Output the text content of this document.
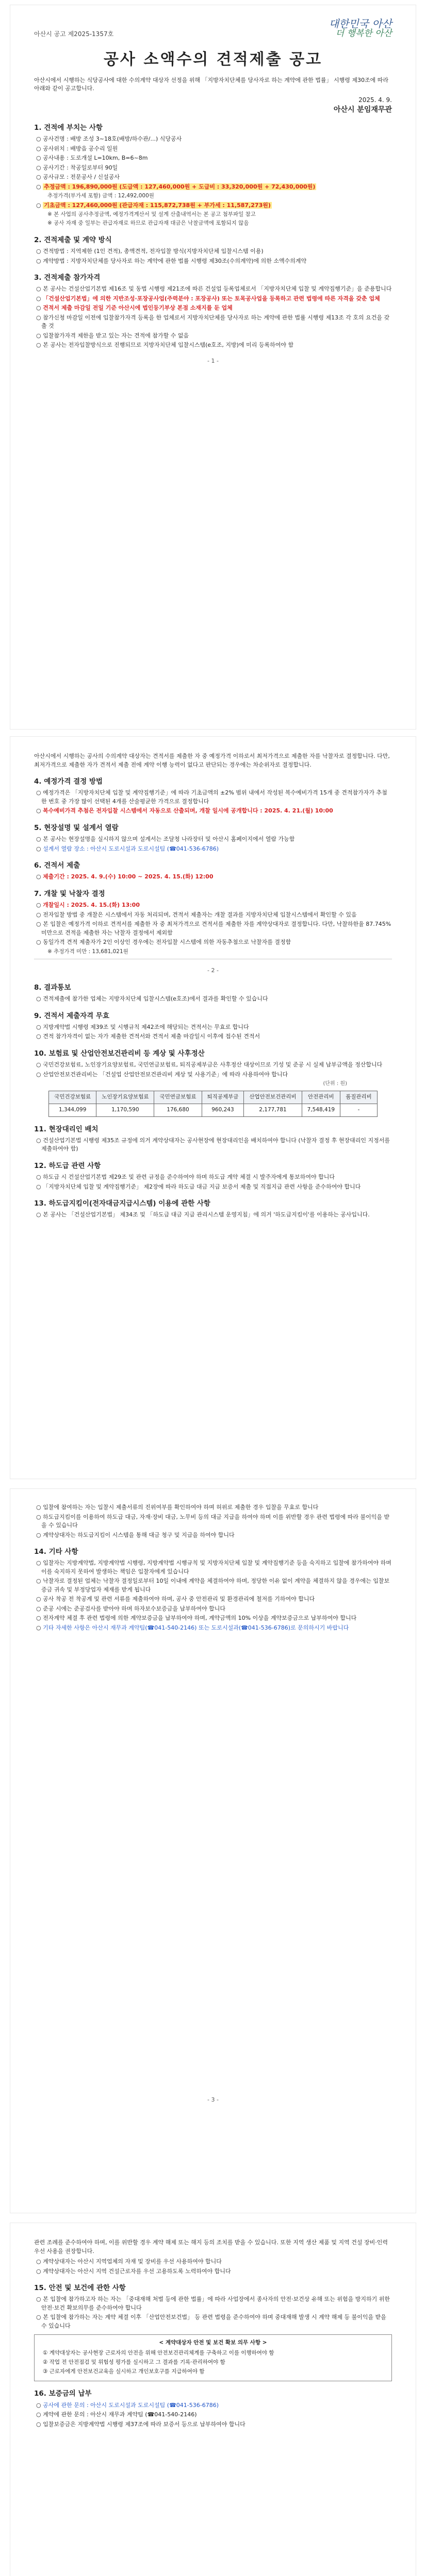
아산시 공고 제2025-1357호
대한민국 아산
더 행복한 아산
공사 소액수의 견적제출 공고
아산시에서 시행하는 식당공사에 대한 수의계약 대상자 선정을 위해 「지방자치단체를 당사자로 하는 계약에 관한 법률」 시행령 제30조에 따라 아래와 같이 공고합니다.
2025. 4. 9.
아산시 분임재무관
1. 견적에 부치는 사항
○ 공사건명 : 배방 조성 3~18호(배방/하수관/...) 식당공사
○ 공사위치 : 배방읍 공수리 일원
○ 공사내용 : 도로개설 L=10km, B=6~8m
○ 공사기간 : 착공일로부터 90일
○ 공사규모 : 전문공사 / 신설공사
○ 추정금액 : 196,890,000원 (도급액 : 127,460,000원 + 도급비 : 33,320,000원 + 72,430,000원)
추정가격(부가세 포함) 금액 : 12,492,000원
○ 기초금액 : 127,460,000원 (관급자재 : 115,872,738원 + 부가세 : 11,587,273원)
※ 본 사업의 공사추정금액, 예정가격계산서 및 설계 산출내역서는 본 공고 첨부파일 참고
※ 공사 자재 중 일부는 관급자재로 하므로 관급자재 대금은 낙찰금액에 포함되지 않음
2. 견적제출 및 계약 방식
○ 견적방법 : 지역제한 (1인 견적), 총액견적, 전자입찰 방식(지방자치단체 입찰시스템 이용)
○ 계약방법 : 지방자치단체를 당사자로 하는 계약에 관한 법률 시행령 제30조(수의계약)에 의한 소액수의계약
3. 견적제출 참가자격
○ 본 공사는 건설산업기본법 제16조 및 동법 시행령 제21조에 따른 건설업 등록업체로서 「지방자치단체 입찰 및 계약집행기준」을 준용합니다
○ 「건설산업기본법」에 의한 지반조성·포장공사업(주력분야 : 포장공사) 또는 토목공사업을 등록하고 관련 법령에 따른 자격을 갖춘 업체
○ 견적서 제출 마감일 전일 기준 아산시에 법인등기부상 본점 소재지를 둔 업체
○ 참가신청 마감일 이전에 입찰참가자격 등록을 한 업체로서 지방자치단체를 당사자로 하는 계약에 관한 법률 시행령 제13조 각 호의 요건을 갖출 것
○ 입찰참가자격 제한을 받고 있는 자는 견적에 참가할 수 없음
○ 본 공사는 전자입찰방식으로 진행되므로 지방자치단체 입찰시스템(e호조, 지방)에 미리 등록하여야 함
- 1 -
아산시에서 시행하는 공사의 수의계약 대상자는 견적서를 제출한 자 중 예정가격 이하로서 최저가격으로 제출한 자를 낙찰자로 결정합니다. 다만, 최저가격으로 제출한 자가 견적서 제출 전에 계약 이행 능력이 없다고 판단되는 경우에는 차순위자로 결정합니다.
4. 예정가격 결정 방법
○ 예정가격은 「지방자치단체 입찰 및 계약집행기준」에 따라 기초금액의 ±2% 범위 내에서 작성된 복수예비가격 15개 중 견적참가자가 추첨한 번호 중 가장 많이 선택된 4개를 산술평균한 가격으로 결정합니다
○ 복수예비가격 추첨은 전자입찰 시스템에서 자동으로 산출되며, 개찰 일시에 공개합니다 : 2025. 4. 21.(월) 10:00
5. 현장설명 및 설계서 열람
○ 본 공사는 현장설명을 실시하지 않으며 설계서는 조달청 나라장터 및 아산시 홈페이지에서 열람 가능함
○ 설계서 열람 장소 : 아산시 도로시설과 도로시설팀 (☎041-536-6786)
6. 견적서 제출
○ 제출기간 : 2025. 4. 9.(수) 10:00 ~ 2025. 4. 15.(화) 12:00
7. 개찰 및 낙찰자 결정
○ 개찰일시 : 2025. 4. 15.(화) 13:00
○ 전자입찰 방법 중 개찰은 시스템에서 자동 처리되며, 견적서 제출자는 개찰 결과를 지방자치단체 입찰시스템에서 확인할 수 있음
○ 본 입찰은 예정가격 이하로 견적서를 제출한 자 중 최저가격으로 견적서를 제출한 자를 계약상대자로 결정합니다. 다만, 낙찰하한율 87.745% 미만으로 견적을 제출한 자는 낙찰자 결정에서 제외함
○ 동일가격 견적 제출자가 2인 이상인 경우에는 전자입찰 시스템에 의한 자동추첨으로 낙찰자를 결정함
※ 추정가격 미만 : 13,681,021원
- 2 -
8. 결과통보
○ 견적제출에 참가한 업체는 지방자치단체 입찰시스템(e호조)에서 결과를 확인할 수 있습니다
9. 견적서 제출자격 무효
○ 지방계약법 시행령 제39조 및 시행규칙 제42조에 해당되는 견적서는 무효로 합니다
○ 견적 참가자격이 없는 자가 제출한 견적서와 견적서 제출 마감일시 이후에 접수된 견적서
10. 보험료 및 산업안전보건관리비 등 계상 및 사후정산
○ 국민건강보험료, 노인장기요양보험료, 국민연금보험료, 퇴직공제부금은 사후정산 대상이므로 기성 및 준공 시 실제 납부금액을 정산합니다
○ 산업안전보건관리비는 「건설업 산업안전보건관리비 계상 및 사용기준」에 따라 사용하여야 합니다
(단위 : 원)
국민건강보험료	노인장기요양보험료	국민연금보험료	퇴직공제부금	산업안전보건관리비	안전관리비	품질관리비
1,344,099	1,170,590	176,680	960,243	2,177,781	7,548,419	-
11. 현장대리인 배치
○ 건설산업기본법 시행령 제35조 규정에 의거 계약상대자는 공사현장에 현장대리인을 배치하여야 합니다 (낙찰자 결정 후 현장대리인 지정서를 제출하여야 함)
12. 하도급 관련 사항
○ 하도급 시 건설산업기본법 제29조 및 관련 규정을 준수하여야 하며 하도급 계약 체결 시 발주자에게 통보하여야 합니다
○ 「지방자치단체 입찰 및 계약집행기준」 제2장에 따라 하도급 대금 지급 보증서 제출 및 직접지급 관련 사항을 준수하여야 합니다
13. 하도급지킴이(전자대금지급시스템) 이용에 관한 사항
○ 본 공사는 「건설산업기본법」 제34조 및 「하도급 대금 지급 관리시스템 운영지침」에 의거 '하도급지킴이'를 이용하는 공사입니다.
○ 입찰에 참여하는 자는 입찰시 제출서류의 진위여부를 확인하여야 하며 허위로 제출한 경우 입찰을 무효로 합니다
○ 하도급지킴이를 이용하여 하도급 대금, 자재·장비 대금, 노무비 등의 대금 지급을 하여야 하며 이를 위반할 경우 관련 법령에 따라 불이익을 받을 수 있습니다
○ 계약상대자는 하도급지킴이 시스템을 통해 대금 청구 및 지급을 하여야 합니다
14. 기타 사항
○ 입찰자는 지방계약법, 지방계약법 시행령, 지방계약법 시행규칙 및 지방자치단체 입찰 및 계약집행기준 등을 숙지하고 입찰에 참가하여야 하며 이를 숙지하지 못하여 발생하는 책임은 입찰자에게 있습니다
○ 낙찰자로 결정된 업체는 낙찰자 결정일로부터 10일 이내에 계약을 체결하여야 하며, 정당한 이유 없이 계약을 체결하지 않을 경우에는 입찰보증금 귀속 및 부정당업자 제재를 받게 됩니다
○ 공사 착공 전 착공계 및 관련 서류를 제출하여야 하며, 공사 중 안전관리 및 환경관리에 철저를 기하여야 합니다
○ 준공 시에는 준공검사를 받아야 하며 하자보수보증금을 납부하여야 합니다
○ 전자계약 체결 후 관련 법령에 의한 계약보증금을 납부하여야 하며, 계약금액의 10% 이상을 계약보증금으로 납부하여야 합니다
○ 기타 자세한 사항은 아산시 재무과 계약팀(☎041-540-2146) 또는 도로시설과(☎041-536-6786)로 문의하시기 바랍니다
- 3 -
관련 조례를 준수하여야 하며, 이를 위반할 경우 계약 해제 또는 해지 등의 조치를 받을 수 있습니다. 또한 지역 생산 제품 및 지역 건설 장비·인력 우선 사용을 권장합니다.
○ 계약상대자는 아산시 지역업체의 자재 및 장비를 우선 사용하여야 합니다
○ 계약상대자는 아산시 지역 건설근로자를 우선 고용하도록 노력하여야 합니다
15. 안전 및 보건에 관한 사항
○ 본 입찰에 참가하고자 하는 자는 「중대재해 처벌 등에 관한 법률」에 따라 사업장에서 종사자의 안전·보건상 유해 또는 위험을 방지하기 위한 안전·보건 확보의무를 준수하여야 합니다
○ 본 입찰에 참가하는 자는 계약 체결 이후 「산업안전보건법」 등 관련 법령을 준수하여야 하며 중대재해 발생 시 계약 해제 등 불이익을 받을 수 있습니다
< 계약대상자 안전 및 보건 확보 의무 사항 >
① 계약대상자는 공사현장 근로자의 안전을 위해 안전보건관리체계를 구축하고 이를 이행하여야 함
② 작업 전 안전점검 및 위험성 평가를 실시하고 그 결과를 기록·관리하여야 함
③ 근로자에게 안전보건교육을 실시하고 개인보호구를 지급하여야 함
16. 보증금의 납부
○ 공사에 관한 문의 : 아산시 도로시설과 도로시설팀 (☎041-536-6786)
○ 계약에 관한 문의 : 아산시 재무과 계약팀 (☎041-540-2146)
○ 입찰보증금은 지방계약법 시행령 제37조에 따라 보증서 등으로 납부하여야 합니다
